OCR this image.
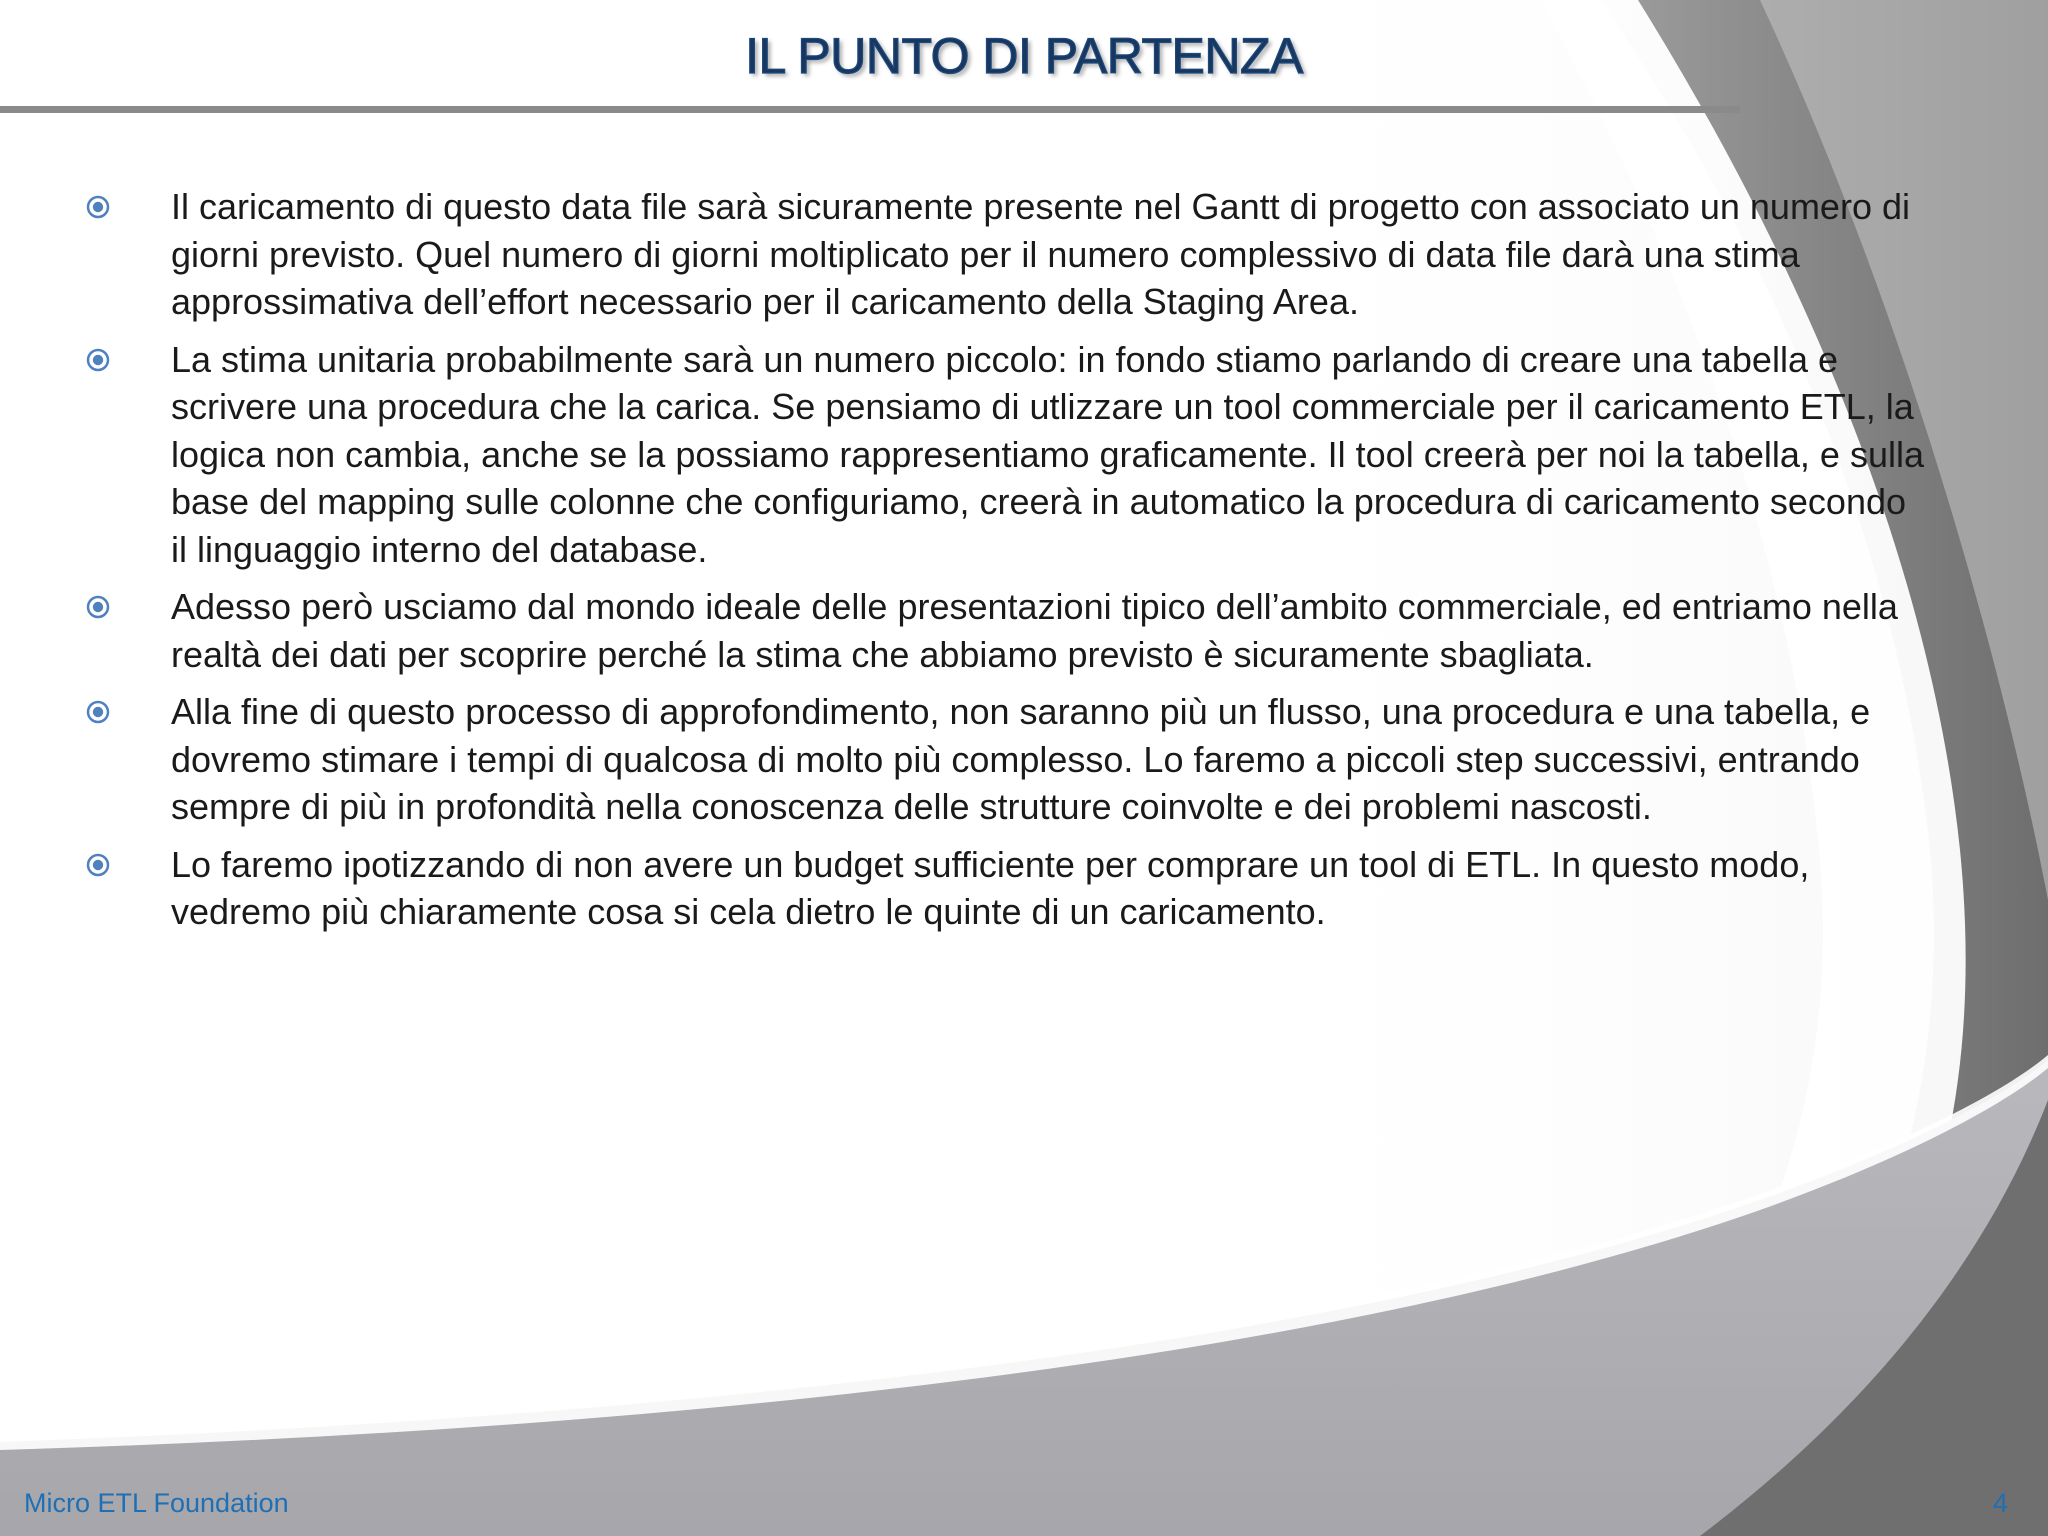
IL PUNTO DI PARTENZA
Il caricamento di questo data file sarà sicuramente presente nel Gantt di progetto con associato un numero di giorni previsto. Quel numero di giorni moltiplicato per il numero complessivo di data file darà una stima approssimativa dell’effort necessario per il caricamento della Staging Area.
La stima unitaria probabilmente sarà un numero piccolo: in fondo stiamo parlando di creare una tabella e scrivere una procedura che la carica. Se pensiamo di utlizzare un tool commerciale per il caricamento ETL, la logica non cambia, anche se la possiamo rappresentiamo graficamente. Il tool creerà per noi la tabella, e sulla base del mapping sulle colonne che configuriamo, creerà in automatico la procedura di caricamento secondo il linguaggio interno del database.
Adesso però usciamo dal mondo ideale delle presentazioni tipico dell’ambito commerciale, ed entriamo nella realtà dei dati per scoprire perché la stima che abbiamo previsto è sicuramente sbagliata.
Alla fine di questo processo di approfondimento, non saranno più un flusso, una procedura e una tabella, e dovremo stimare i tempi di qualcosa di molto più complesso. Lo faremo a piccoli step successivi, entrando sempre di più in profondità nella conoscenza delle strutture coinvolte e dei problemi nascosti.
Lo faremo ipotizzando di non avere un budget sufficiente per comprare un tool di ETL. In questo modo, vedremo più chiaramente cosa si cela dietro le quinte di un caricamento.
Micro ETL Foundation	4
